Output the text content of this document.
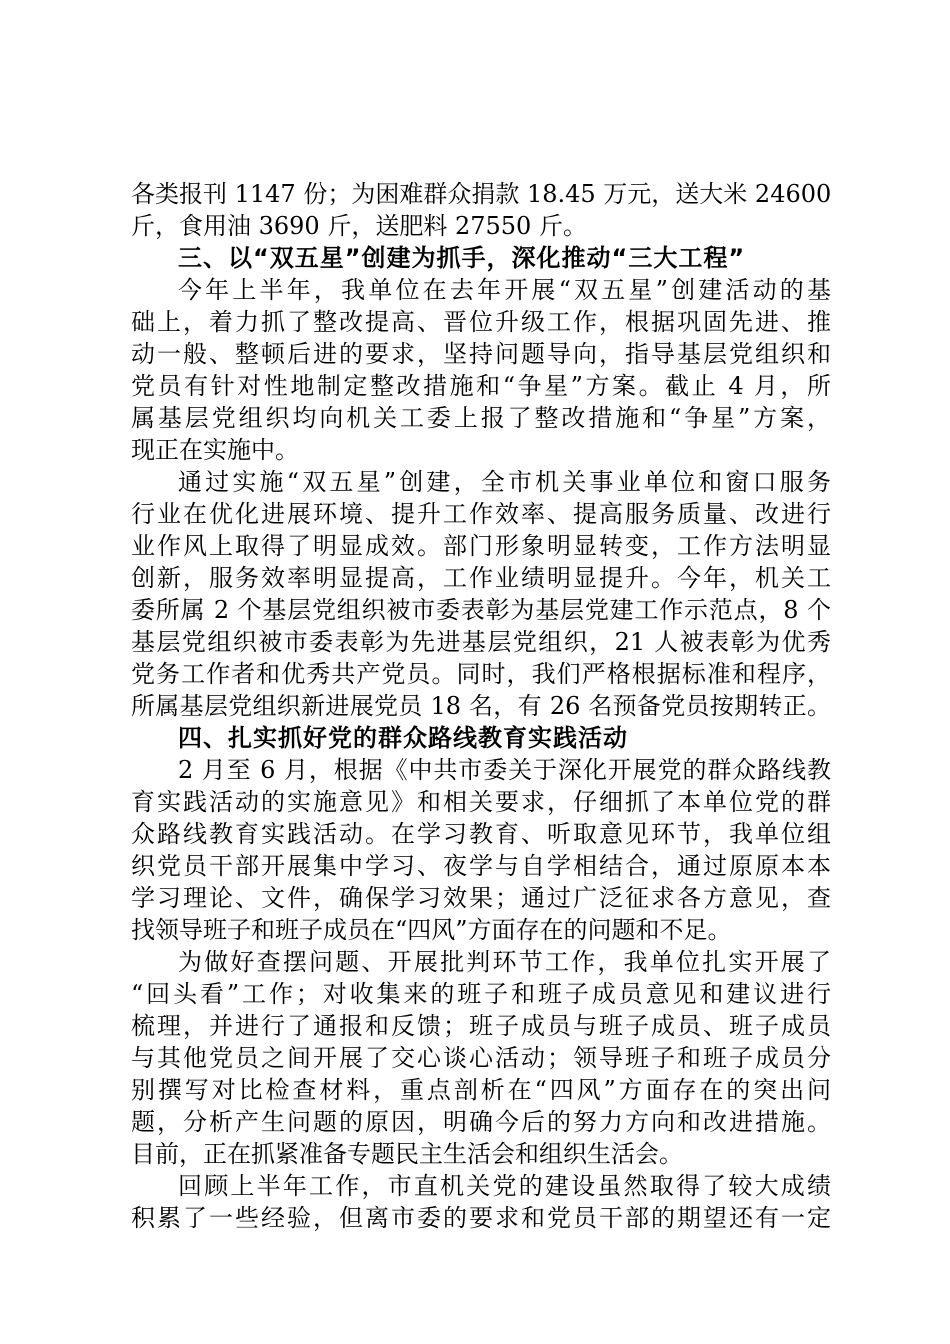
各类报刊 1147 份；为困难群众捐款 18.45 万元，送大米 24600
斤，食用油 3690 斤，送肥料 27550 斤。
三、以“双五星”创建为抓手，深化推动“三大工程”
今年上半年，我单位在去年开展“双五星”创建活动的基
础上，着力抓了整改提高、晋位升级工作，根据巩固先进、推
动一般、整顿后进的要求，坚持问题导向，指导基层党组织和
党员有针对性地制定整改措施和“争星”方案。截止 4 月，所
属基层党组织均向机关工委上报了整改措施和“争星”方案，
现正在实施中。
通过实施“双五星”创建，全市机关事业单位和窗口服务
行业在优化进展环境、提升工作效率、提高服务质量、改进行
业作风上取得了明显成效。部门形象明显转变，工作方法明显
创新，服务效率明显提高，工作业绩明显提升。今年，机关工
委所属 2 个基层党组织被市委表彰为基层党建工作示范点，8 个
基层党组织被市委表彰为先进基层党组织，21 人被表彰为优秀
党务工作者和优秀共产党员。同时，我们严格根据标准和程序，
所属基层党组织新进展党员 18 名，有 26 名预备党员按期转正。
四、扎实抓好党的群众路线教育实践活动
2 月至 6 月，根据《中共市委关于深化开展党的群众路线教
育实践活动的实施意见》和相关要求，仔细抓了本单位党的群
众路线教育实践活动。在学习教育、听取意见环节，我单位组
织党员干部开展集中学习、夜学与自学相结合，通过原原本本
学习理论、文件，确保学习效果；通过广泛征求各方意见，查
找领导班子和班子成员在“四风”方面存在的问题和不足。
为做好查摆问题、开展批判环节工作，我单位扎实开展了
“回头看”工作；对收集来的班子和班子成员意见和建议进行
梳理，并进行了通报和反馈；班子成员与班子成员、班子成员
与其他党员之间开展了交心谈心活动；领导班子和班子成员分
别撰写对比检查材料，重点剖析在“四风”方面存在的突出问
题，分析产生问题的原因，明确今后的努力方向和改进措施。
目前，正在抓紧准备专题民主生活会和组织生活会。
回顾上半年工作，市直机关党的建设虽然取得了较大成绩
积累了一些经验，但离市委的要求和党员干部的期望还有一定
